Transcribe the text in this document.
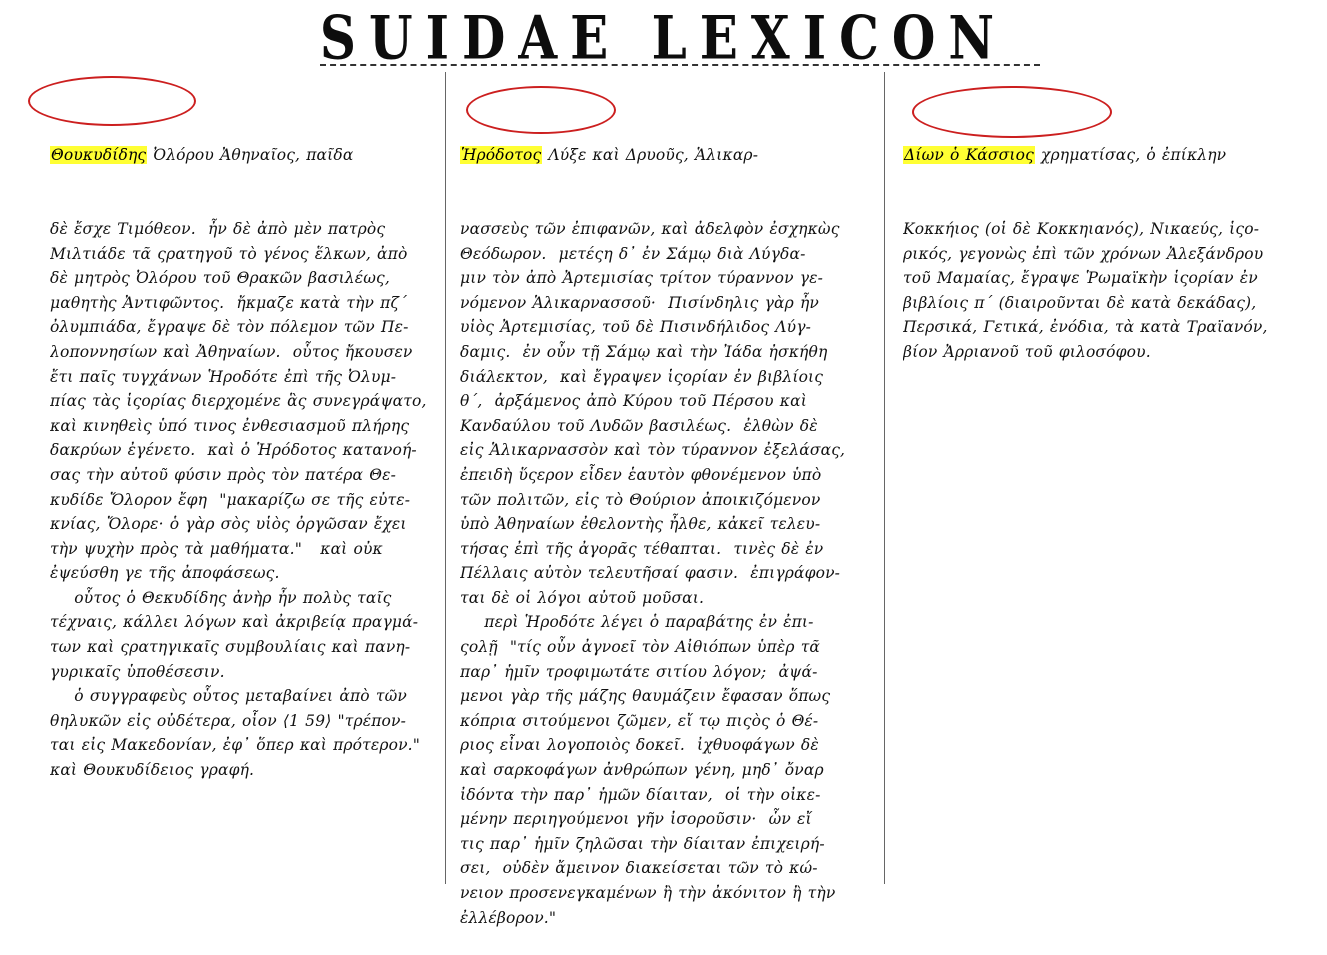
SUIDAE LEXICON

Θουκυδίδης Ὀλόρου Ἀθηναῖος, παῖδα

δὲ ἔσχε Τιμόθεον.  ἦν δὲ ἀπὸ μὲν πατρὸς
Μιλτιάδε τᾶ ςρατηγοῦ τὸ γένος ἕλκων, ἀπὸ
δὲ μητρὸς Ὀλόρου τοῦ Θρακῶν βασιλέως,
μαθητὴς Ἀντιφῶντος.  ἤκμαζε κατὰ τὴν πζ´
ὀλυμπιάδα, ἔγραψε δὲ τὸν πόλεμον τῶν Πε-
λοποννησίων καὶ Ἀθηναίων.  οὗτος ἤκουσεν
ἔτι παῖς τυγχάνων Ἡροδότε ἐπὶ τῆς Ὀλυμ-
πίας τὰς ἱςορίας διερχομένε ἃς συνεγράψατο,
καὶ κινηθεὶς ὑπό τινος ἐνθεσιασμοῦ πλήρης
δακρύων ἐγένετο.  καὶ ὁ Ἡρόδοτος κατανοή-
σας τὴν αὐτοῦ φύσιν πρὸς τὸν πατέρα Θε-
κυδίδε Ὄλορον ἔφη  "μακαρίζω σε τῆς εὐτε-
κνίας, Ὄλορε· ὁ γὰρ σὸς υἱὸς ὀργῶσαν ἔχει
τὴν ψυχὴν πρὸς τὰ μαθήματα."   καὶ οὐκ
ἐψεύσθη γε τῆς ἀποφάσεως.
οὗτος ὁ Θεκυδίδης ἀνὴρ ἦν πολὺς ταῖς
τέχναις, κάλλει λόγων καὶ ἀκριβείᾳ πραγμά-
των καὶ ςρατηγικαῖς συμβουλίαις καὶ πανη-
γυρικαῖς ὑποθέσεσιν.
ὁ συγγραφεὺς οὗτος μεταβαίνει ἀπὸ τῶν
θηλυκῶν εἰς οὐδέτερα, οἷον ⟨1 59⟩ "τρέπον-
ται εἰς Μακεδονίαν, ἐφ᾽ ὅπερ καὶ πρότερον."
καὶ Θουκυδίδειος γραφή.

Ἡρόδοτος Λύξε καὶ Δρυοῦς, Ἁλικαρ-

νασσεὺς τῶν ἐπιφανῶν, καὶ ἀδελφὸν ἐσχηκὼς
Θεόδωρον.  μετέςη δ᾽ ἐν Σάμῳ διὰ Λύγδα-
μιν τὸν ἀπὸ Ἀρτεμισίας τρίτον τύραννον γε-
νόμενον Ἁλικαρνασσοῦ·  Πισίνδηλις γὰρ ἦν
υἱὸς Ἀρτεμισίας, τοῦ δὲ Πισινδήλιδος Λύγ-
δαμις.  ἐν οὖν τῇ Σάμῳ καὶ τὴν Ἰάδα ἠσκήθη
διάλεκτον,  καὶ ἔγραψεν ἱςορίαν ἐν βιβλίοις
θ´,  ἀρξάμενος ἀπὸ Κύρου τοῦ Πέρσου καὶ
Κανδαύλου τοῦ Λυδῶν βασιλέως.  ἐλθὼν δὲ
εἰς Ἁλικαρνασσὸν καὶ τὸν τύραννον ἐξελάσας,
ἐπειδὴ ὕςερον εἶδεν ἑαυτὸν φθονέμενον ὑπὸ
τῶν πολιτῶν, εἰς τὸ Θούριον ἀποικιζόμενον
ὑπὸ Ἀθηναίων ἐθελοντὴς ἦλθε, κἀκεῖ τελευ-
τήσας ἐπὶ τῆς ἀγορᾶς τέθαπται.  τινὲς δὲ ἐν
Πέλλαις αὐτὸν τελευτῆσαί φασιν.  ἐπιγράφον-
ται δὲ οἱ λόγοι αὐτοῦ μοῦσαι.
περὶ Ἡροδότε λέγει ὁ παραβάτης ἐν ἐπι-
ςολῇ  "τίς οὖν ἀγνοεῖ τὸν Αἰθιόπων ὑπὲρ τᾶ
παρ᾽ ἡμῖν τροφιμωτάτε σιτίου λόγον;  ἀψά-
μενοι γὰρ τῆς μάζης θαυμάζειν ἔφασαν ὅπως
κόπρια σιτούμενοι ζῶμεν, εἴ τῳ πιςὸς ὁ Θέ-
ριος εἶναι λογοποιὸς δοκεῖ.  ἰχθυοφάγων δὲ
καὶ σαρκοφάγων ἀνθρώπων γένη, μηδ᾽ ὄναρ
ἰδόντα τὴν παρ᾽ ἡμῶν δίαιταν,  οἱ τὴν οἰκε-
μένην περιηγούμενοι γῆν ἰσοροῦσιν·  ὧν εἴ
τις παρ᾽ ἡμῖν ζηλῶσαι τὴν δίαιταν ἐπιχειρή-
σει,  οὐδὲν ἄμεινον διακείσεται τῶν τὸ κώ-
νειον προσενεγκαμένων ἢ τὴν ἀκόνιτον ἢ τὴν
ἐλλέβορον."

Δίων ὁ Κάσσιος χρηματίσας, ὁ ἐπίκλην

Κοκκήιος (οἱ δὲ Κοκκηιανός), Νικαεύς, ἱςο-
ρικός, γεγονὼς ἐπὶ τῶν χρόνων Ἀλεξάνδρου
τοῦ Μαμαίας, ἔγραψε Ῥωμαϊκὴν ἱςορίαν ἐν
βιβλίοις π´ (διαιροῦνται δὲ κατὰ δεκάδας),
Περσικά, Γετικά, ἐνόδια, τὰ κατὰ Τραϊανόν,
βίον Ἀρριανοῦ τοῦ φιλοσόφου.
